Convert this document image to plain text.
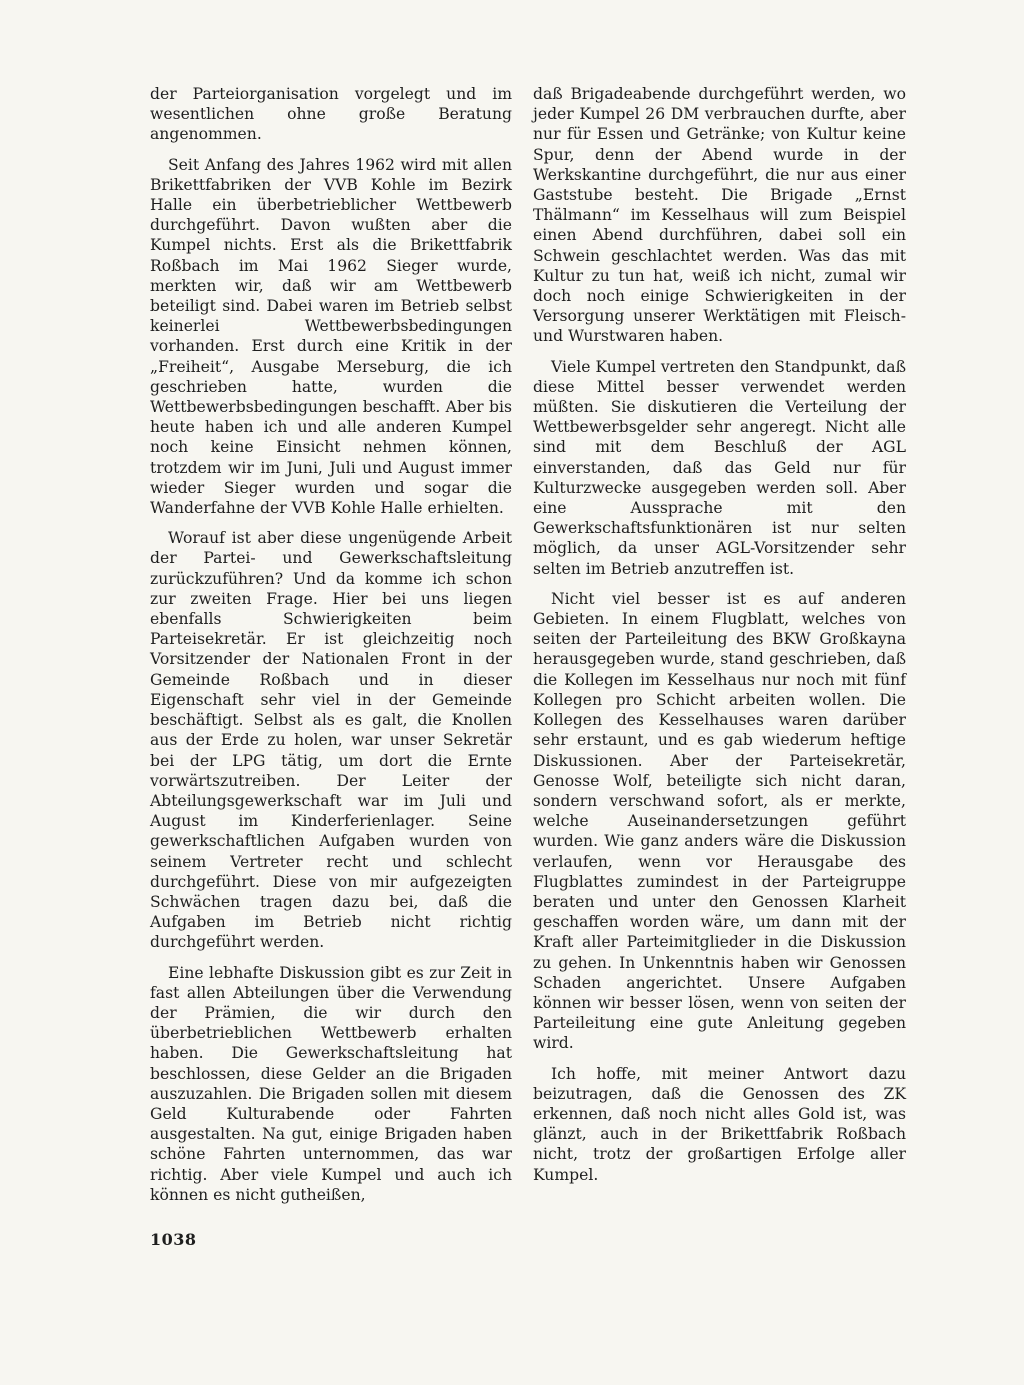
der Parteiorganisation vorgelegt und im wesentlichen ohne große Beratung angenommen.

Seit Anfang des Jahres 1962 wird mit allen Brikettfabriken der VVB Kohle im Bezirk Halle ein überbetrieblicher Wettbewerb durchgeführt. Davon wußten aber die Kumpel nichts. Erst als die Brikettfabrik Roßbach im Mai 1962 Sieger wurde, merkten wir, daß wir am Wettbewerb beteiligt sind. Dabei waren im Betrieb selbst keinerlei Wettbewerbsbedingungen vorhanden. Erst durch eine Kritik in der „Freiheit“, Ausgabe Merseburg, die ich geschrieben hatte, wurden die Wettbewerbsbedingungen beschafft. Aber bis heute haben ich und alle anderen Kumpel noch keine Einsicht nehmen können, trotzdem wir im Juni, Juli und August immer wieder Sieger wurden und sogar die Wanderfahne der VVB Kohle Halle erhielten.

Worauf ist aber diese ungenügende Arbeit der Partei- und Gewerkschaftsleitung zurückzuführen? Und da komme ich schon zur zweiten Frage. Hier bei uns liegen ebenfalls Schwierigkeiten beim Parteisekretär. Er ist gleichzeitig noch Vorsitzender der Nationalen Front in der Gemeinde Roßbach und in dieser Eigenschaft sehr viel in der Gemeinde beschäftigt. Selbst als es galt, die Knollen aus der Erde zu holen, war unser Sekretär bei der LPG tätig, um dort die Ernte vorwärtszutreiben. Der Leiter der Abteilungsgewerkschaft war im Juli und August im Kinderferienlager. Seine gewerkschaftlichen Aufgaben wurden von seinem Vertreter recht und schlecht durchgeführt. Diese von mir aufgezeigten Schwächen tragen dazu bei, daß die Aufgaben im Betrieb nicht richtig durchgeführt werden.

Eine lebhafte Diskussion gibt es zur Zeit in fast allen Abteilungen über die Verwendung der Prämien, die wir durch den überbetrieblichen Wettbewerb erhalten haben. Die Gewerkschaftsleitung hat beschlossen, diese Gelder an die Brigaden auszuzahlen. Die Brigaden sollen mit diesem Geld Kulturabende oder Fahrten ausgestalten. Na gut, einige Brigaden haben schöne Fahrten unternommen, das war richtig. Aber viele Kumpel und auch ich können es nicht gutheißen,

daß Brigadeabende durchgeführt werden, wo jeder Kumpel 26 DM verbrauchen durfte, aber nur für Essen und Getränke; von Kultur keine Spur, denn der Abend wurde in der Werkskantine durchgeführt, die nur aus einer Gaststube besteht. Die Brigade „Ernst Thälmann“ im Kesselhaus will zum Beispiel einen Abend durchführen, dabei soll ein Schwein geschlachtet werden. Was das mit Kultur zu tun hat, weiß ich nicht, zumal wir doch noch einige Schwierigkeiten in der Versorgung unserer Werktätigen mit Fleisch- und Wurstwaren haben.

Viele Kumpel vertreten den Standpunkt, daß diese Mittel besser verwendet werden müßten. Sie diskutieren die Verteilung der Wettbewerbsgelder sehr angeregt. Nicht alle sind mit dem Beschluß der AGL einverstanden, daß das Geld nur für Kulturzwecke ausgegeben werden soll. Aber eine Aussprache mit den Gewerkschaftsfunktionären ist nur selten möglich, da unser AGL-Vorsitzender sehr selten im Betrieb anzutreffen ist.

Nicht viel besser ist es auf anderen Gebieten. In einem Flugblatt, welches von seiten der Parteileitung des BKW Großkayna herausgegeben wurde, stand geschrieben, daß die Kollegen im Kesselhaus nur noch mit fünf Kollegen pro Schicht arbeiten wollen. Die Kollegen des Kesselhauses waren darüber sehr erstaunt, und es gab wiederum heftige Diskussionen. Aber der Parteisekretär, Genosse Wolf, beteiligte sich nicht daran, sondern verschwand sofort, als er merkte, welche Auseinandersetzungen geführt wurden. Wie ganz anders wäre die Diskussion verlaufen, wenn vor Herausgabe des Flugblattes zumindest in der Parteigruppe beraten und unter den Genossen Klarheit geschaffen worden wäre, um dann mit der Kraft aller Parteimitglieder in die Diskussion zu gehen. In Unkenntnis haben wir Genossen Schaden angerichtet. Unsere Aufgaben können wir besser lösen, wenn von seiten der Parteileitung eine gute Anleitung gegeben wird.

Ich hoffe, mit meiner Antwort dazu beizutragen, daß die Genossen des ZK erkennen, daß noch nicht alles Gold ist, was glänzt, auch in der Brikettfabrik Roßbach nicht, trotz der großartigen Erfolge aller Kumpel.

1038
